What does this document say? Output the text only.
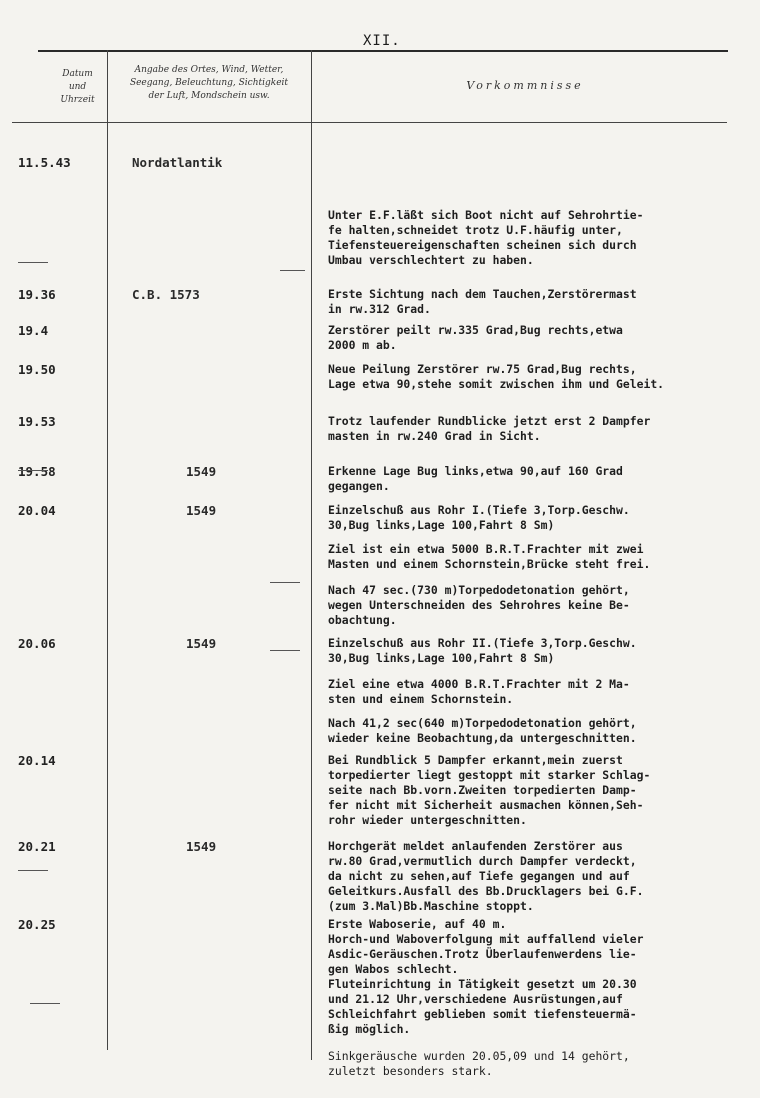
XII.
Datum
und
Uhrzeit
Angabe des Ortes, Wind, Wetter,
Seegang, Beleuchtung, Sichtigkeit
der Luft, Mondschein usw.
Vorkommnisse
11.5.43	Nordatlantik
Unter E.F.läßt sich Boot nicht auf Sehrohrtie-
fe halten,schneidet trotz U.F.häufig unter,
Tiefensteuereigenschaften scheinen sich durch
Umbau verschlechtert zu haben.
19.36	C.B. 1573	Erste Sichtung nach dem Tauchen,Zerstörermast
in rw.312 Grad.
19.4	Zerstörer peilt rw.335 Grad,Bug rechts,etwa
2000 m ab.
19.50	Neue Peilung Zerstörer rw.75 Grad,Bug rechts,
Lage etwa 90,stehe somit zwischen ihm und Geleit.
19.53	Trotz laufender Rundblicke jetzt erst 2 Dampfer
masten in rw.240 Grad in Sicht.
19.58	1549	Erkenne Lage Bug links,etwa 90,auf 160 Grad
gegangen.
20.04	1549	Einzelschuß aus Rohr I.(Tiefe 3,Torp.Geschw.
30,Bug links,Lage 100,Fahrt 8 Sm)
Ziel ist ein etwa 5000 B.R.T.Frachter mit zwei
Masten und einem Schornstein,Brücke steht frei.
Nach 47 sec.(730 m)Torpedodetonation gehört,
wegen Unterschneiden des Sehrohres keine Be-
obachtung.
20.06	1549	Einzelschuß aus Rohr II.(Tiefe 3,Torp.Geschw.
30,Bug links,Lage 100,Fahrt 8 Sm)
Ziel eine etwa 4000 B.R.T.Frachter mit 2 Ma-
sten und einem Schornstein.
Nach 41,2 sec(640 m)Torpedodetonation gehört,
wieder keine Beobachtung,da untergeschnitten.
20.14	Bei Rundblick 5 Dampfer erkannt,mein zuerst
torpedierter liegt gestoppt mit starker Schlag-
seite nach Bb.vorn.Zweiten torpedierten Damp-
fer nicht mit Sicherheit ausmachen können,Seh-
rohr wieder untergeschnitten.
20.21	1549	Horchgerät meldet anlaufenden Zerstörer aus
rw.80 Grad,vermutlich durch Dampfer verdeckt,
da nicht zu sehen,auf Tiefe gegangen und auf
Geleitkurs.Ausfall des Bb.Drucklagers bei G.F.
(zum 3.Mal)Bb.Maschine stoppt.
20.25	Erste Waboserie, auf 40 m.
Horch-und Waboverfolgung mit auffallend vieler
Asdic-Geräuschen.Trotz Überlaufenwerdens lie-
gen Wabos schlecht.
Fluteinrichtung in Tätigkeit gesetzt um 20.30
und 21.12 Uhr,verschiedene Ausrüstungen,auf
Schleichfahrt geblieben somit tiefensteuermä-
ßig möglich.
Sinkgeräusche wurden 20.05,09 und 14 gehört,
zuletzt besonders stark.
